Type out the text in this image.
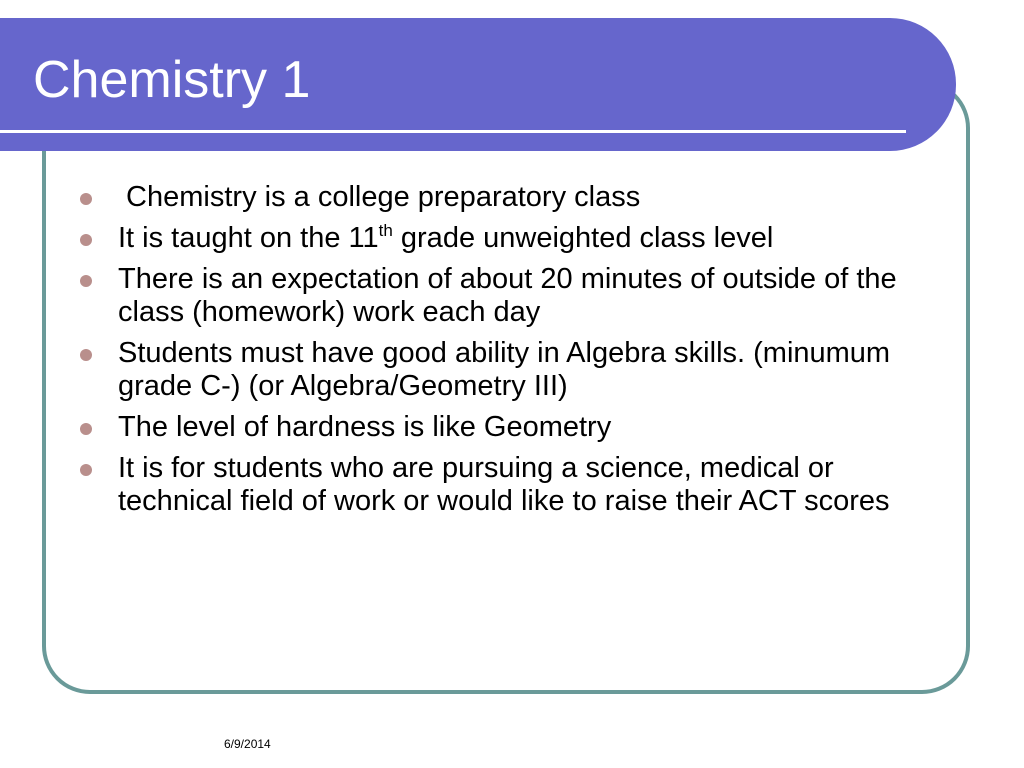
Chemistry 1
Chemistry is a college preparatory class
It is taught on the 11th grade unweighted class level
There is an expectation of about 20 minutes of outside of the class (homework) work each day
Students must have good ability in Algebra skills. (minumum grade C-) (or Algebra/Geometry III)
The level of hardness is like Geometry
It is for students who are pursuing a science, medical or technical field of work or would like to raise their ACT scores
6/9/2014
